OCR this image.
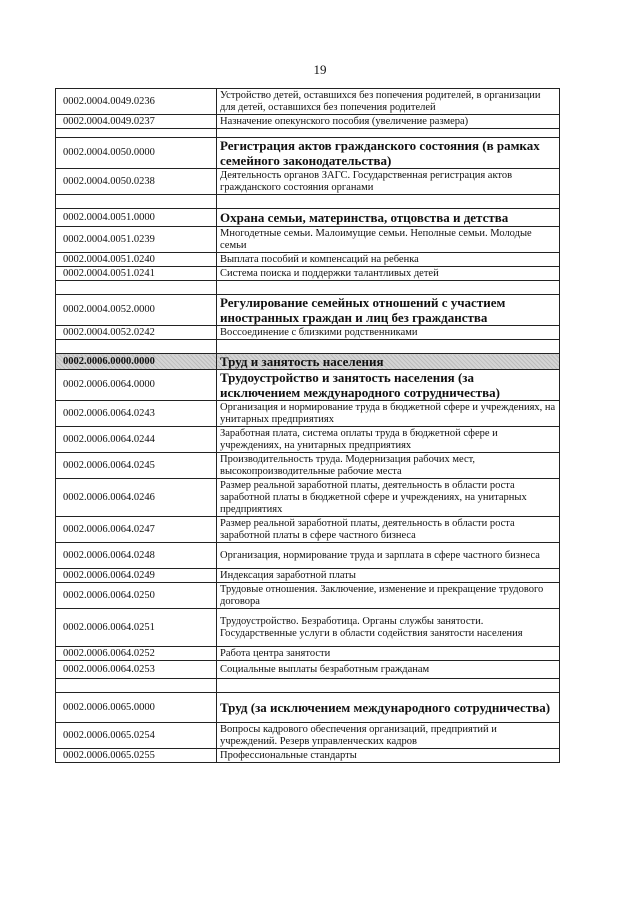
19
0002.0004.0049.0236	Устройство детей, оставшихся без попечения родителей, в организации для детей, оставшихся без попечения родителей
0002.0004.0049.0237	Назначение опекунского пособия (увеличение размера)

0002.0004.0050.0000	Регистрация актов гражданского состояния (в рамках семейного законодательства)
0002.0004.0050.0238	Деятельность органов ЗАГС. Государственная регистрация актов гражданского состояния органами

0002.0004.0051.0000	Охрана семьи, материнства, отцовства и детства
0002.0004.0051.0239	Многодетные семьи. Малоимущие семьи. Неполные семьи. Молодые семьи
0002.0004.0051.0240	Выплата пособий и компенсаций на ребенка
0002.0004.0051.0241	Система поиска и поддержки талантливых детей

0002.0004.0052.0000	Регулирование семейных отношений с участием иностранных граждан и лиц без гражданства
0002.0004.0052.0242	Воссоединение с близкими родственниками

0002.0006.0000.0000	Труд и занятость населения
0002.0006.0064.0000	Трудоустройство и занятость населения (за исключением международного сотрудничества)
0002.0006.0064.0243	Организация и нормирование труда в бюджетной сфере и учреждениях, на унитарных предприятиях
0002.0006.0064.0244	Заработная плата, система оплаты труда в бюджетной сфере и учреждениях, на унитарных предприятиях
0002.0006.0064.0245	Производительность труда. Модернизация рабочих мест, высокопроизводительные рабочие места
0002.0006.0064.0246	Размер реальной заработной платы, деятельность в области роста заработной платы в бюджетной сфере и учреждениях, на унитарных предприятиях
0002.0006.0064.0247	Размер реальной заработной платы, деятельность в области роста заработной платы в сфере частного бизнеса
0002.0006.0064.0248	Организация, нормирование труда и зарплата в сфере частного бизнеса
0002.0006.0064.0249	Индексация заработной платы
0002.0006.0064.0250	Трудовые отношения. Заключение, изменение и прекращение трудового договора
0002.0006.0064.0251	Трудоустройство. Безработица. Органы службы занятости. Государственные услуги в области содействия занятости населения
0002.0006.0064.0252	Работа центра занятости
0002.0006.0064.0253	Социальные выплаты безработным гражданам

0002.0006.0065.0000	Труд (за исключением международного сотрудничества)
0002.0006.0065.0254	Вопросы кадрового обеспечения организаций, предприятий и учреждений. Резерв управленческих кадров
0002.0006.0065.0255	Профессиональные стандарты
